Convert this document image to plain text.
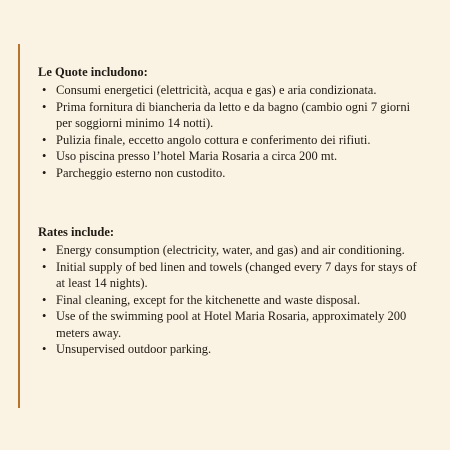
Le Quote includono:
• Consumi energetici (elettricità, acqua e gas) e aria condizionata.
• Prima fornitura di biancheria da letto e da bagno (cambio ogni 7 giorni per soggiorni minimo 14 notti).
• Pulizia finale, eccetto angolo cottura e conferimento dei rifiuti.
• Uso piscina presso l’hotel Maria Rosaria a circa 200 mt.
• Parcheggio esterno non custodito.
Rates include:
• Energy consumption (electricity, water, and gas) and air conditioning.
• Initial supply of bed linen and towels (changed every 7 days for stays of at least 14 nights).
• Final cleaning, except for the kitchenette and waste disposal.
• Use of the swimming pool at Hotel Maria Rosaria, approximately 200 meters away.
• Unsupervised outdoor parking.
